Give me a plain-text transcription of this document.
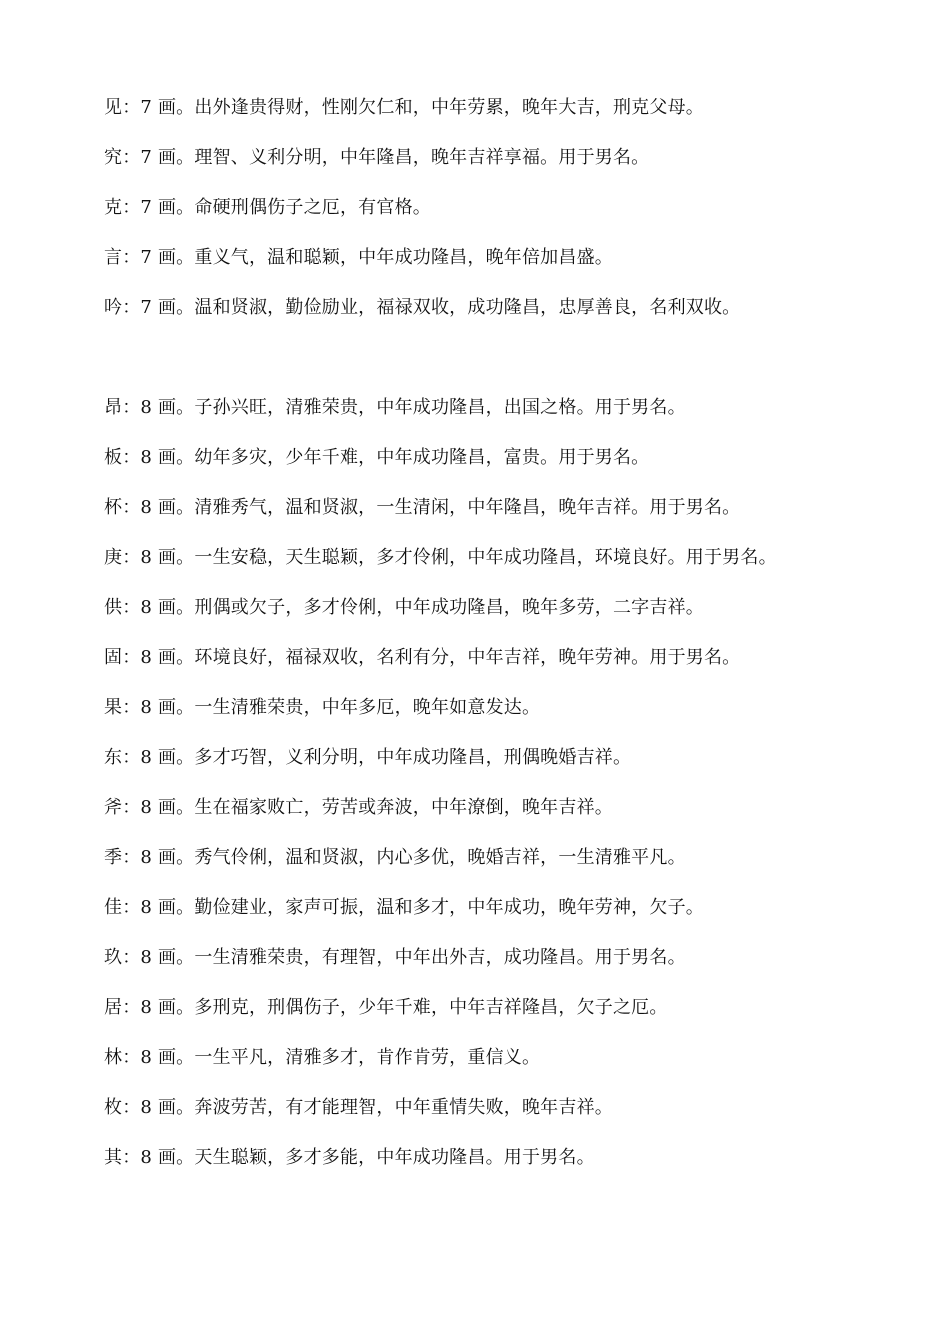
见：7 画。出外逢贵得财，性刚欠仁和，中年劳累，晚年大吉，刑克父母。
究：7 画。理智、义利分明，中年隆昌，晚年吉祥享福。用于男名。
克：7 画。命硬刑偶伤子之厄，有官格。
言：7 画。重义气，温和聪颖，中年成功隆昌，晚年倍加昌盛。
吟：7 画。温和贤淑，勤俭励业，福禄双收，成功隆昌，忠厚善良，名利双收。
昂：8 画。子孙兴旺，清雅荣贵，中年成功隆昌，出国之格。用于男名。
板：8 画。幼年多灾，少年千难，中年成功隆昌，富贵。用于男名。
杯：8 画。清雅秀气，温和贤淑，一生清闲，中年隆昌，晚年吉祥。用于男名。
庚：8 画。一生安稳，天生聪颖，多才伶俐，中年成功隆昌，环境良好。用于男名。
供：8 画。刑偶或欠子，多才伶俐，中年成功隆昌，晚年多劳，二字吉祥。
固：8 画。环境良好，福禄双收，名利有分，中年吉祥，晚年劳神。用于男名。
果：8 画。一生清雅荣贵，中年多厄，晚年如意发达。
东：8 画。多才巧智，义利分明，中年成功隆昌，刑偶晚婚吉祥。
斧：8 画。生在福家败亡，劳苦或奔波，中年潦倒，晚年吉祥。
季：8 画。秀气伶俐，温和贤淑，内心多优，晚婚吉祥，一生清雅平凡。
佳：8 画。勤俭建业，家声可振，温和多才，中年成功，晚年劳神，欠子。
玖：8 画。一生清雅荣贵，有理智，中年出外吉，成功隆昌。用于男名。
居：8 画。多刑克，刑偶伤子，少年千难，中年吉祥隆昌，欠子之厄。
林：8 画。一生平凡，清雅多才，肯作肯劳，重信义。
枚：8 画。奔波劳苦，有才能理智，中年重情失败，晚年吉祥。
其：8 画。天生聪颖，多才多能，中年成功隆昌。用于男名。
